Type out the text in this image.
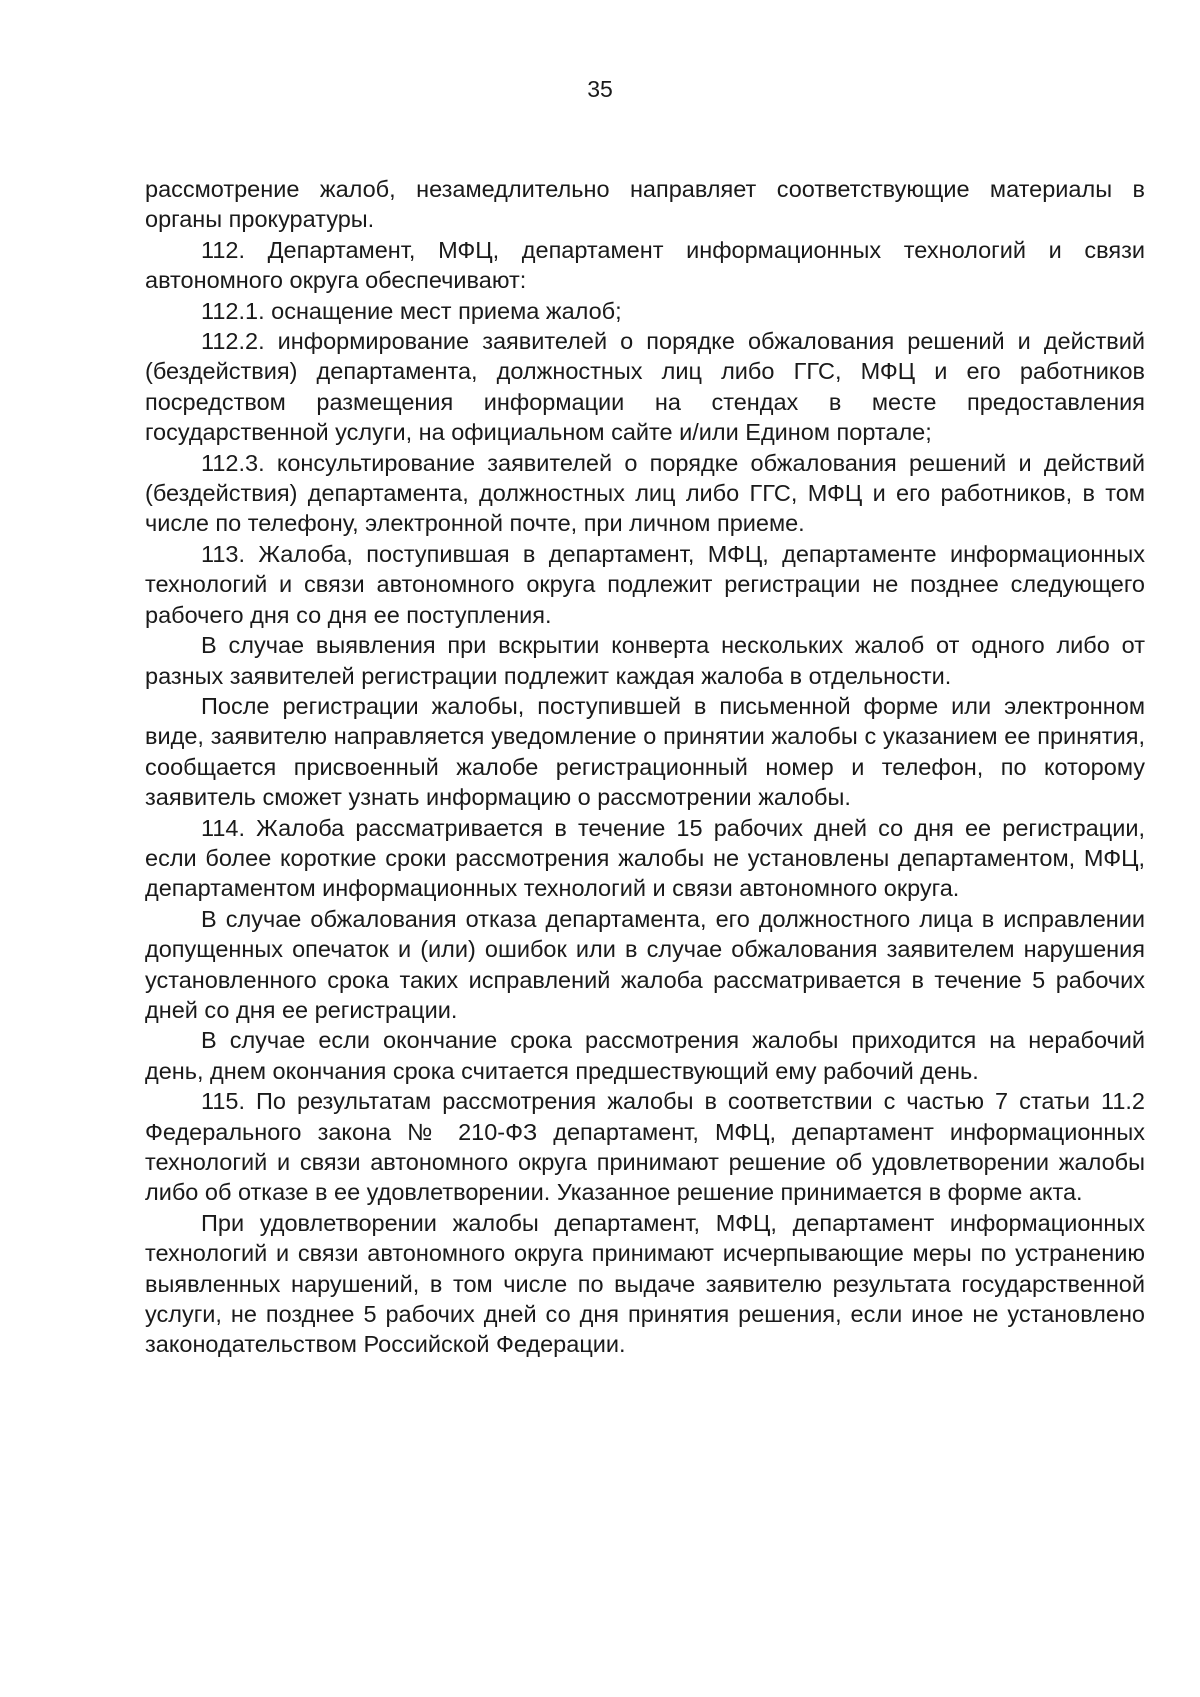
35

рассмотрение жалоб, незамедлительно направляет соответствующие материалы в органы прокуратуры.

112. Департамент, МФЦ, департамент информационных технологий и связи автономного округа обеспечивают:

112.1. оснащение мест приема жалоб;

112.2. информирование заявителей о порядке обжалования решений и действий (бездействия) департамента, должностных лиц либо ГГС, МФЦ и его работников посредством размещения информации на стендах в месте предоставления государственной услуги, на официальном сайте и/или Едином портале;

112.3. консультирование заявителей о порядке обжалования решений и действий (бездействия) департамента, должностных лиц либо ГГС, МФЦ и его работников, в том числе по телефону, электронной почте, при личном приеме.

113. Жалоба, поступившая в департамент, МФЦ, департаменте информационных технологий и связи автономного округа подлежит регистрации не позднее следующего рабочего дня со дня ее поступления.

В случае выявления при вскрытии конверта нескольких жалоб от одного либо от разных заявителей регистрации подлежит каждая жалоба в отдельности.

После регистрации жалобы, поступившей в письменной форме или электронном виде, заявителю направляется уведомление о принятии жалобы с указанием ее принятия, сообщается присвоенный жалобе регистрационный номер и телефон, по которому заявитель сможет узнать информацию о рассмотрении жалобы.

114. Жалоба рассматривается в течение 15 рабочих дней со дня ее регистрации, если более короткие сроки рассмотрения жалобы не установлены департаментом, МФЦ, департаментом информационных технологий и связи автономного округа.

В случае обжалования отказа департамента, его должностного лица в исправлении допущенных опечаток и (или) ошибок или в случае обжалования заявителем нарушения установленного срока таких исправлений жалоба рассматривается в течение 5 рабочих дней со дня ее регистрации.

В случае если окончание срока рассмотрения жалобы приходится на нерабочий день, днем окончания срока считается предшествующий ему рабочий день.

115. По результатам рассмотрения жалобы в соответствии с частью 7 статьи 11.2 Федерального закона № 210-ФЗ департамент, МФЦ, департамент информационных технологий и связи автономного округа принимают решение об удовлетворении жалобы либо об отказе в ее удовлетворении. Указанное решение принимается в форме акта.

При удовлетворении жалобы департамент, МФЦ, департамент информационных технологий и связи автономного округа принимают исчерпывающие меры по устранению выявленных нарушений, в том числе по выдаче заявителю результата государственной услуги, не позднее 5 рабочих дней со дня принятия решения, если иное не установлено законодательством Российской Федерации.
